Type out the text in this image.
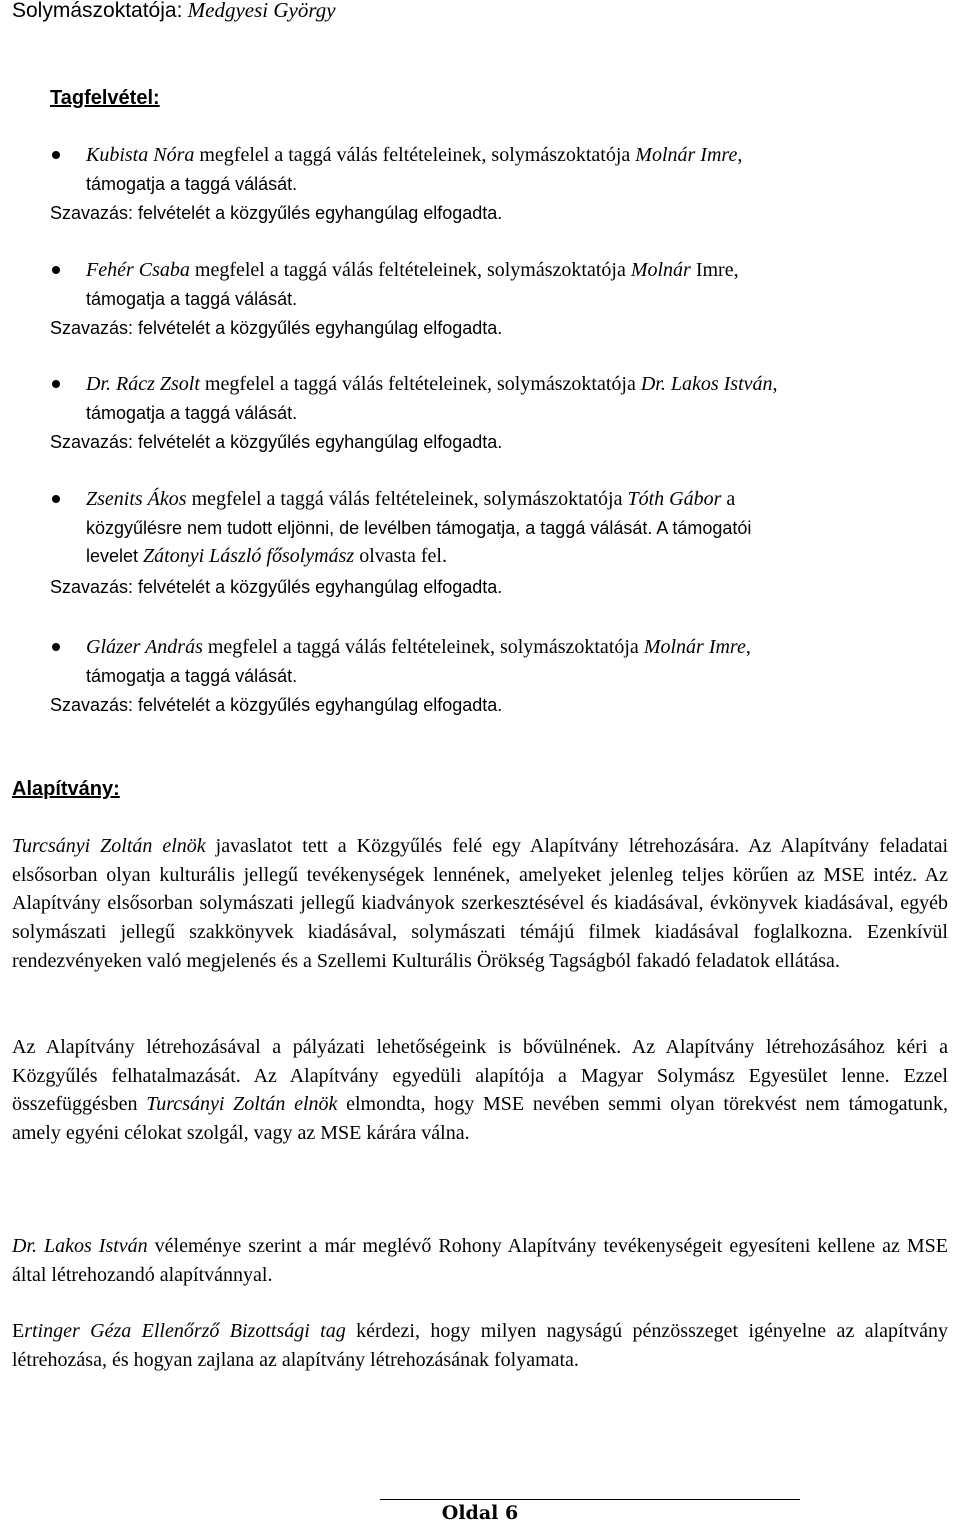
Solymászoktatója: Medgyesi György
Tagfelvétel:
Kubista Nóra megfelel a taggá válás feltételeinek, solymászoktatója Molnár Imre,
támogatja a taggá válását.
Szavazás: felvételét a közgyűlés egyhangúlag elfogadta.
Fehér Csaba megfelel a taggá válás feltételeinek, solymászoktatója Molnár Imre,
támogatja a taggá válását.
Szavazás: felvételét a közgyűlés egyhangúlag elfogadta.
Dr. Rácz Zsolt megfelel a taggá válás feltételeinek, solymászoktatója Dr. Lakos István,
támogatja a taggá válását.
Szavazás: felvételét a közgyűlés egyhangúlag elfogadta.
Zsenits Ákos megfelel a taggá válás feltételeinek, solymászoktatója Tóth Gábor a
közgyűlésre nem tudott eljönni, de levélben támogatja, a taggá válását. A támogatói
levelet Zátonyi László fősolymász olvasta fel.
Szavazás: felvételét a közgyűlés egyhangúlag elfogadta.
Glázer András megfelel a taggá válás feltételeinek, solymászoktatója Molnár Imre,
támogatja a taggá válását.
Szavazás: felvételét a közgyűlés egyhangúlag elfogadta.
Alapítvány:
Turcsányi Zoltán elnök javaslatot tett a Közgyűlés felé egy Alapítvány létrehozására. Az Alapítvány feladatai elsősorban olyan kulturális jellegű tevékenységek lennének, amelyeket jelenleg teljes körűen az MSE intéz. Az Alapítvány elsősorban solymászati jellegű kiadványok szerkesztésével és kiadásával, évkönyvek kiadásával, egyéb solymászati jellegű szakkönyvek kiadásával, solymászati témájú filmek kiadásával foglalkozna. Ezenkívül rendezvényeken való megjelenés és a Szellemi Kulturális Örökség Tagságból fakadó feladatok ellátása.
Az Alapítvány létrehozásával a pályázati lehetőségeink is bővülnének. Az Alapítvány létrehozásához kéri a Közgyűlés felhatalmazását. Az Alapítvány egyedüli alapítója a Magyar Solymász Egyesület lenne. Ezzel összefüggésben Turcsányi Zoltán elnök elmondta, hogy MSE nevében semmi olyan törekvést nem támogatunk, amely egyéni célokat szolgál, vagy az MSE kárára válna.
Dr. Lakos István véleménye szerint a már meglévő Rohony Alapítvány tevékenységeit egyesíteni kellene az MSE által létrehozandó alapítvánnyal.
Ertinger Géza Ellenőrző Bizottsági tag kérdezi, hogy milyen nagyságú pénzösszeget igényelne az alapítvány létrehozása, és hogyan zajlana az alapítvány létrehozásának folyamata.
Oldal 6
